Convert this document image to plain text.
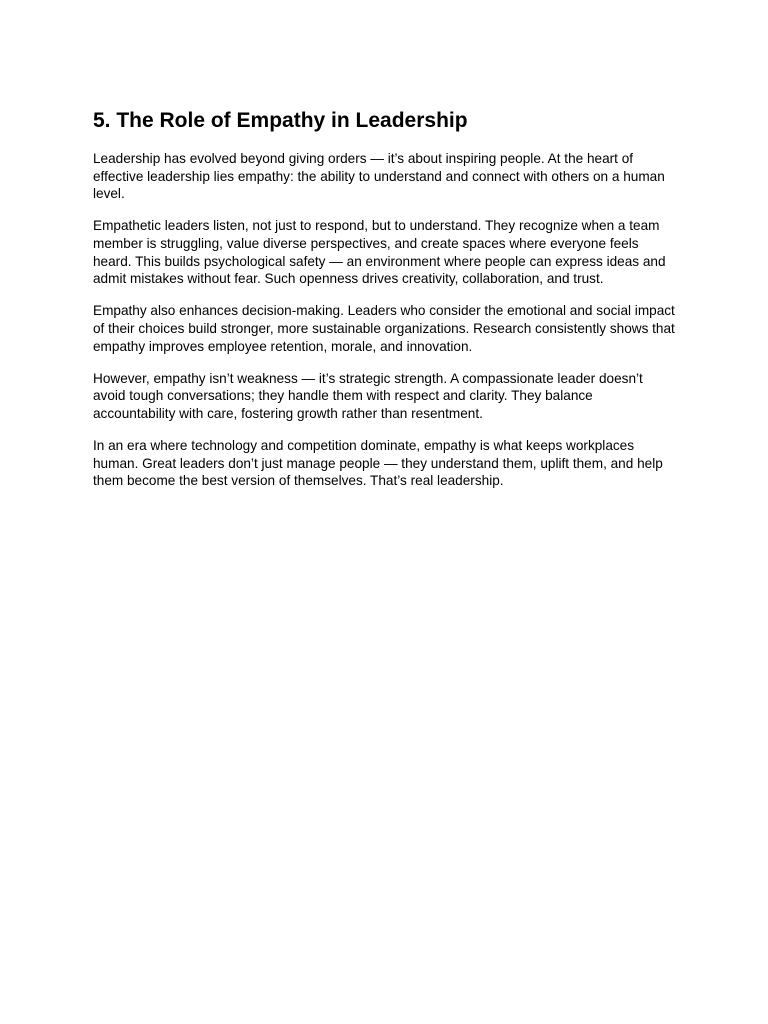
5. The Role of Empathy in Leadership

Leadership has evolved beyond giving orders — it’s about inspiring people. At the heart of effective leadership lies empathy: the ability to understand and connect with others on a human level.

Empathetic leaders listen, not just to respond, but to understand. They recognize when a team member is struggling, value diverse perspectives, and create spaces where everyone feels heard. This builds psychological safety — an environment where people can express ideas and admit mistakes without fear. Such openness drives creativity, collaboration, and trust.

Empathy also enhances decision-making. Leaders who consider the emotional and social impact of their choices build stronger, more sustainable organizations. Research consistently shows that empathy improves employee retention, morale, and innovation.

However, empathy isn’t weakness — it’s strategic strength. A compassionate leader doesn’t avoid tough conversations; they handle them with respect and clarity. They balance accountability with care, fostering growth rather than resentment.

In an era where technology and competition dominate, empathy is what keeps workplaces human. Great leaders don’t just manage people — they understand them, uplift them, and help them become the best version of themselves. That’s real leadership.
